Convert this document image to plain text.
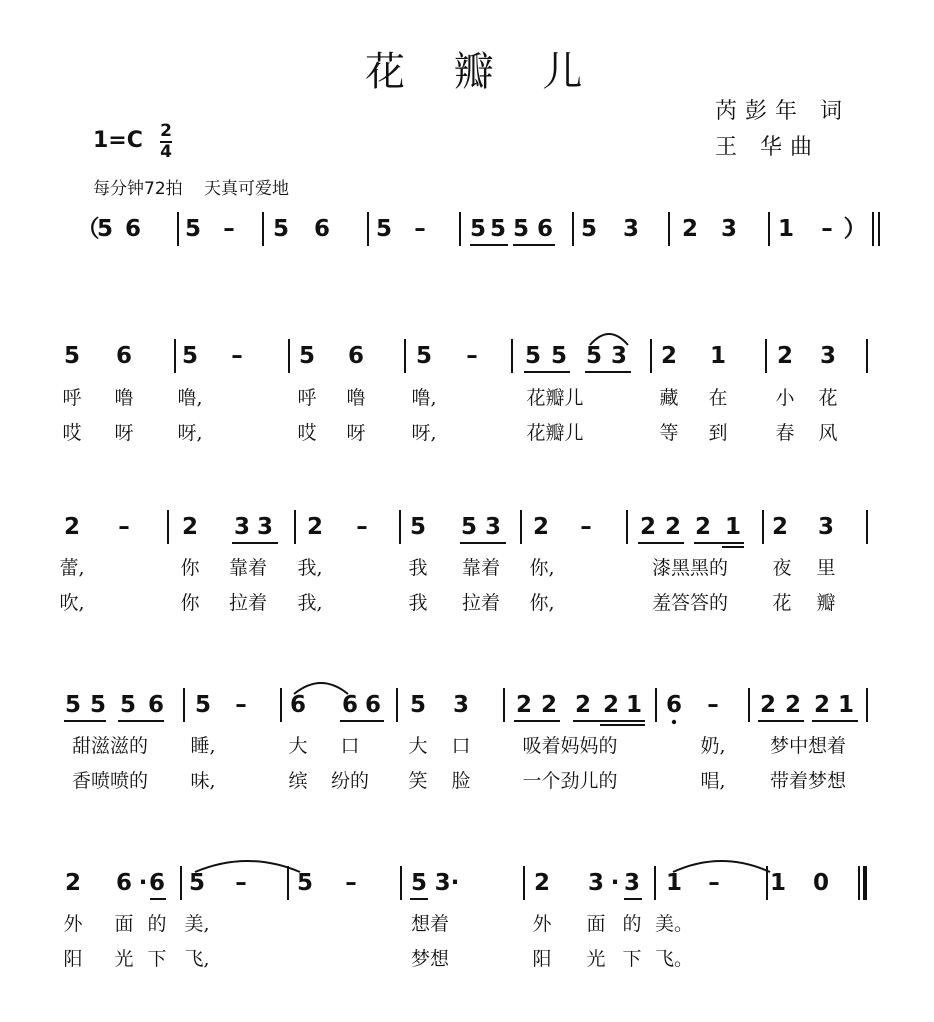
花 瓣 儿
芮彭年 词
王 华曲
1=C 2
4
每分钟72拍 天真可爱地
（
5 6 5 – 5 6 5 – 5 5 5 6 5 3 2 3 1 – ）
5 6 5 – 5 6 5 – 5 5 5 3 2 1 2 3
呼 噜 噜,	呼 噜 噜,	花瓣儿	藏 在	小 花
哎 呀 呀,	哎 呀 呀,	花瓣儿	等 到	春 风
2 – 2 3 3 2 – 5 5 3 2 – 2 2 2 1 2 3
蕾,	你 靠着 我,	我 靠着 你,	漆黑黑的 夜 里
吹,	你 拉着 我,	我 拉着 你,	羞答答的 花 瓣
5 5 5 6 5 – 6 6 6 5 3 2 2 2 2 1 6 – 2 2 2 1
甜滋滋的 睡,	大 口	大 口	吸着妈妈的	奶, 梦中想着
香喷喷的 味,	缤 纷的 笑 脸	一个劲儿的	唱, 带着梦想
2 6 · 6 5 – 5 – 5 3·	2 3 · 3 1 – 1 0
外 面 的 美,	想着	外 面 的 美。
阳 光 下 飞,	梦想	阳 光 下 飞。
